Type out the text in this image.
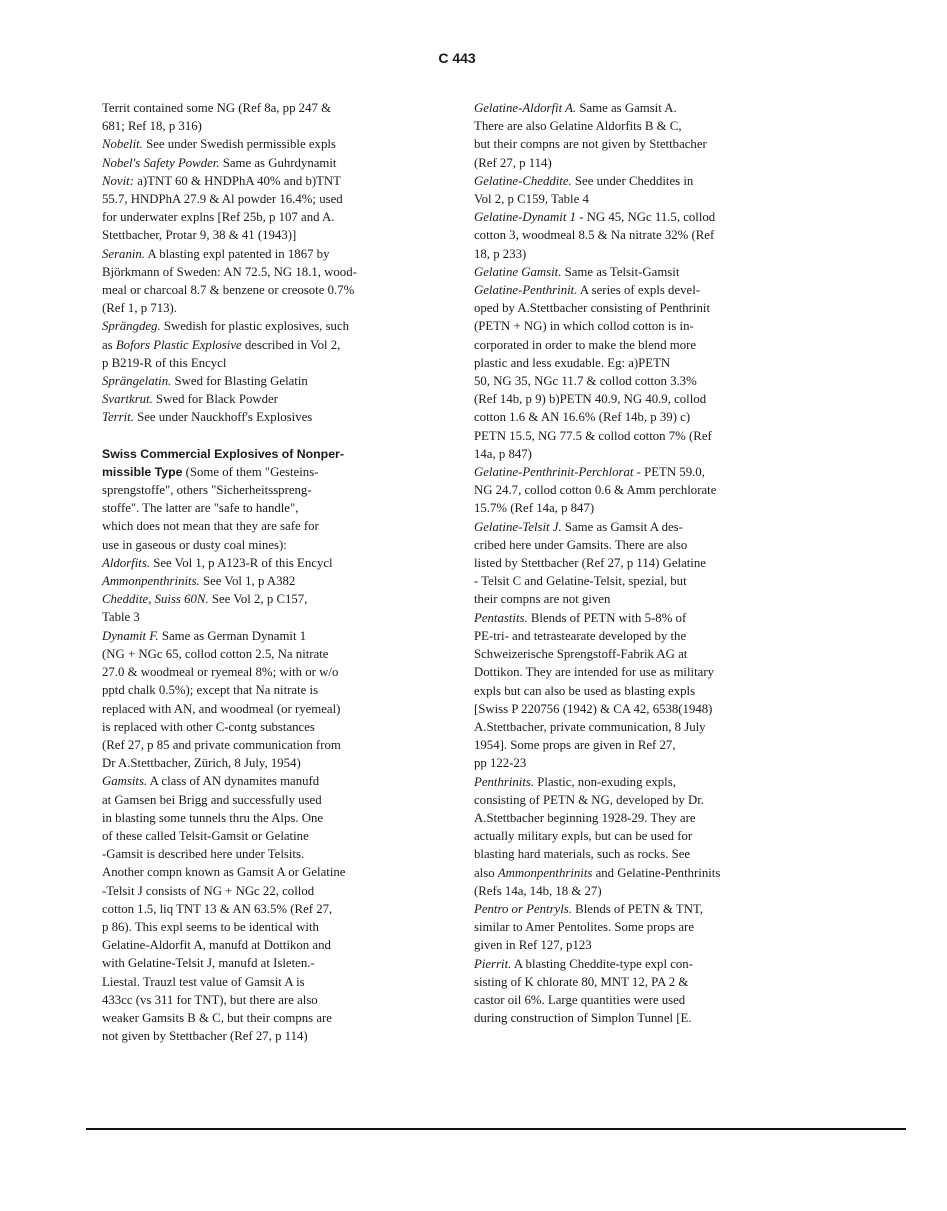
C 443
Territ contained some NG (Ref 8a, pp 247 &
681; Ref 18, p 316)
Nobelit. See under Swedish permissible expls
Nobel's Safety Powder. Same as Guhrdynamit
Novit: a)TNT 60 & HNDPhA 40% and b)TNT
55.7, HNDPhA 27.9 & Al powder 16.4%; used
for underwater explns [Ref 25b, p 107 and A.
Stettbacher, Protar 9, 38 & 41 (1943)]
Seranin. A blasting expl patented in 1867 by
Björkmann of Sweden: AN 72.5, NG 18.1, wood-
meal or charcoal 8.7 & benzene or creosote 0.7%
(Ref 1, p 713).
Sprängdeg. Swedish for plastic explosives, such
as Bofors Plastic Explosive described in Vol 2,
p B219-R of this Encycl
Sprängelatin. Swed for Blasting Gelatin
Svartkrut. Swed for Black Powder
Territ. See under Nauckhoff's Explosives
Swiss Commercial Explosives of Nonper-
missible Type (Some of them "Gesteins-
sprengstoffe", others "Sicherheitsspreng-
stoffe". The latter are "safe to handle",
which does not mean that they are safe for
use in gaseous or dusty coal mines):
Aldorfits. See Vol 1, p A123-R of this Encycl
Ammonpenthrinits. See Vol 1, p A382
Cheddite, Suiss 60N. See Vol 2, p C157,
Table 3
Dynamit F. Same as German Dynamit 1
(NG + NGc 65, collod cotton 2.5, Na nitrate
27.0 & woodmeal or ryemeal 8%; with or w/o
pptd chalk 0.5%); except that Na nitrate is
replaced with AN, and woodmeal (or ryemeal)
is replaced with other C-contg substances
(Ref 27, p 85 and private communication from
Dr A.Stettbacher, Zürich, 8 July, 1954)
Gamsits. A class of AN dynamites manufd
at Gamsen bei Brigg and successfully used
in blasting some tunnels thru the Alps. One
of these called Telsit-Gamsit or Gelatine
-Gamsit is described here under Telsits.
Another compn known as Gamsit A or Gelatine
-Telsit J consists of NG + NGc 22, collod
cotton 1.5, liq TNT 13 & AN 63.5% (Ref 27,
p 86). This expl seems to be identical with
Gelatine-Aldorfit A, manufd at Dottikon and
with Gelatine-Telsit J, manufd at Isleten.-
Liestal. Trauzl test value of Gamsit A is
433cc (vs 311 for TNT), but there are also
weaker Gamsits B & C, but their compns are
not given by Stettbacher (Ref 27, p 114)
Gelatine-Aldorfit A. Same as Gamsit A.
There are also Gelatine Aldorfits B & C,
but their compns are not given by Stettbacher
(Ref 27, p 114)
Gelatine-Cheddite. See under Cheddites in
Vol 2, p C159, Table 4
Gelatine-Dynamit 1 - NG 45, NGc 11.5, collod
cotton 3, woodmeal 8.5 & Na nitrate 32% (Ref
18, p 233)
Gelatine Gamsit. Same as Telsit-Gamsit
Gelatine-Penthrinit. A series of expls devel-
oped by A.Stettbacher consisting of Penthrinit
(PETN + NG) in which collod cotton is in-
corporated in order to make the blend more
plastic and less exudable. Eg: a)PETN
50, NG 35, NGc 11.7 & collod cotton 3.3%
(Ref 14b, p 9) b)PETN 40.9, NG 40.9, collod
cotton 1.6 & AN 16.6% (Ref 14b, p 39) c)
PETN 15.5, NG 77.5 & collod cotton 7% (Ref
14a, p 847)
Gelatine-Penthrinit-Perchlorat - PETN 59.0,
NG 24.7, collod cotton 0.6 & Amm perchlorate
15.7% (Ref 14a, p 847)
Gelatine-Telsit J. Same as Gamsit A des-
cribed here under Gamsits. There are also
listed by Stettbacher (Ref 27, p 114) Gelatine
- Telsit C and Gelatine-Telsit, spezial, but
their compns are not given
Pentastits. Blends of PETN with 5-8% of
PE-tri- and tetrastearate developed by the
Schweizerische Sprengstoff-Fabrik AG at
Dottikon. They are intended for use as military
expls but can also be used as blasting expls
[Swiss P 220756 (1942) & CA 42, 6538(1948)
A.Stettbacher, private communication, 8 July
1954]. Some props are given in Ref 27,
pp 122-23
Penthrinits. Plastic, non-exuding expls,
consisting of PETN & NG, developed by Dr.
A.Stettbacher beginning 1928-29. They are
actually military expls, but can be used for
blasting hard materials, such as rocks. See
also Ammonpenthrinits and Gelatine-Penthrinits
(Refs 14a, 14b, 18 & 27)
Pentro or Pentryls. Blends of PETN & TNT,
similar to Amer Pentolites. Some props are
given in Ref 127, p123
Pierrit. A blasting Cheddite-type expl con-
sisting of K chlorate 80, MNT 12, PA 2 &
castor oil 6%. Large quantities were used
during construction of Simplon Tunnel [E.
